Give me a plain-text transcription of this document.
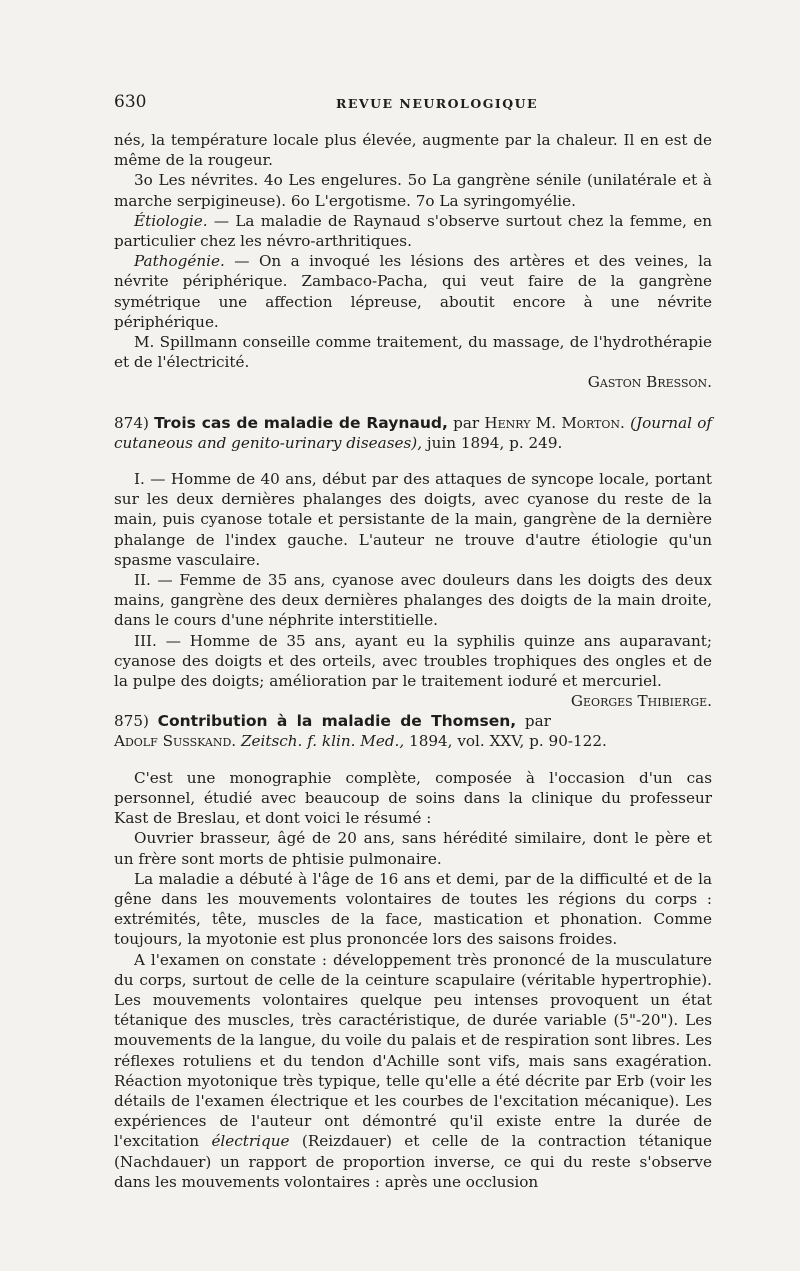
630	REVUE NEUROLOGIQUE

nés, la température locale plus élevée, augmente par la chaleur. Il en est de même de la rougeur.

3o Les névrites. 4o Les engelures. 5o La gangrène sénile (unilatérale et à marche serpigineuse). 6o L'ergotisme. 7o La syringomyélie.

Étiologie. — La maladie de Raynaud s'observe surtout chez la femme, en particulier chez les névro-arthritiques.

Pathogénie. — On a invoqué les lésions des artères et des veines, la névrite périphérique. Zambaco-Pacha, qui veut faire de la gangrène symétrique une affection lépreuse, aboutit encore à une névrite périphérique.

M. Spillmann conseille comme traitement, du massage, de l'hydrothérapie et de l'électricité.

Gaston Bresson.

874) Trois cas de maladie de Raynaud, par Henry M. Morton. (Journal of cutaneous and genito-urinary diseases), juin 1894, p. 249.

I. — Homme de 40 ans, début par des attaques de syncope locale, portant sur les deux dernières phalanges des doigts, avec cyanose du reste de la main, puis cyanose totale et persistante de la main, gangrène de la dernière phalange de l'index gauche. L'auteur ne trouve d'autre étiologie qu'un spasme vasculaire.

II. — Femme de 35 ans, cyanose avec douleurs dans les doigts des deux mains, gangrène des deux dernières phalanges des doigts de la main droite, dans le cours d'une néphrite interstitielle.

III. — Homme de 35 ans, ayant eu la syphilis quinze ans auparavant; cyanose des doigts et des orteils, avec troubles trophiques des ongles et de la pulpe des doigts; amélioration par le traitement ioduré et mercuriel.
Georges Thibierge.

875) Contribution à la maladie de Thomsen, par Adolf Susskand. Zeitsch. f. klin. Med., 1894, vol. XXV, p. 90-122.

C'est une monographie complète, composée à l'occasion d'un cas personnel, étudié avec beaucoup de soins dans la clinique du professeur Kast de Breslau, et dont voici le résumé :

Ouvrier brasseur, âgé de 20 ans, sans hérédité similaire, dont le père et un frère sont morts de phtisie pulmonaire.

La maladie a débuté à l'âge de 16 ans et demi, par de la difficulté et de la gêne dans les mouvements volontaires de toutes les régions du corps : extrémités, tête, muscles de la face, mastication et phonation. Comme toujours, la myotonie est plus prononcée lors des saisons froides.

A l'examen on constate : développement très prononcé de la musculature du corps, surtout de celle de la ceinture scapulaire (véritable hypertrophie). Les mouvements volontaires quelque peu intenses provoquent un état tétanique des muscles, très caractéristique, de durée variable (5"-20"). Les mouvements de la langue, du voile du palais et de respiration sont libres. Les réflexes rotuliens et du tendon d'Achille sont vifs, mais sans exagération. Réaction myotonique très typique, telle qu'elle a été décrite par Erb (voir les détails de l'examen électrique et les courbes de l'excitation mécanique). Les expériences de l'auteur ont démontré qu'il existe entre la durée de l'excitation électrique (Reizdauer) et celle de la contraction tétanique (Nachdauer) un rapport de proportion inverse, ce qui du reste s'observe dans les mouvements volontaires : après une occlusion
